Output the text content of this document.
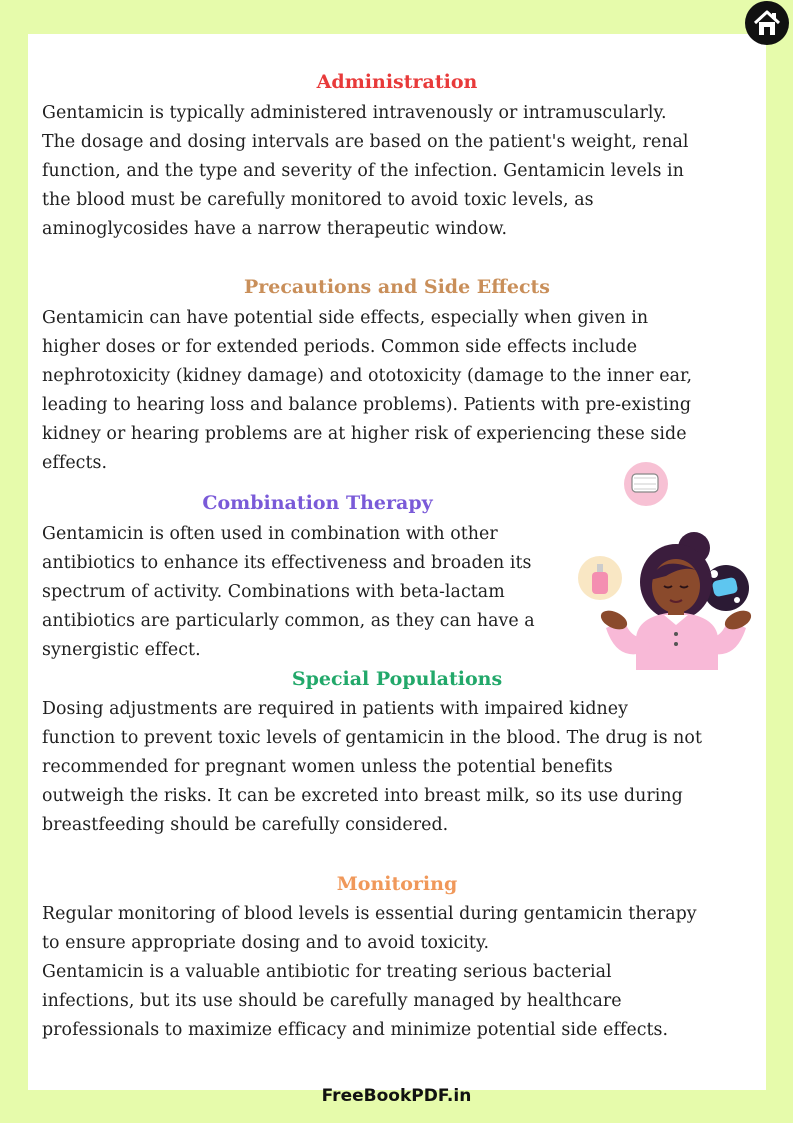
Administration

Gentamicin is typically administered intravenously or intramuscularly.
The dosage and dosing intervals are based on the patient's weight, renal
function, and the type and severity of the infection. Gentamicin levels in
the blood must be carefully monitored to avoid toxic levels, as
aminoglycosides have a narrow therapeutic window.

Precautions and Side Effects

Gentamicin can have potential side effects, especially when given in
higher doses or for extended periods. Common side effects include
nephrotoxicity (kidney damage) and ototoxicity (damage to the inner ear,
leading to hearing loss and balance problems). Patients with pre-existing
kidney or hearing problems are at higher risk of experiencing these side
effects.

Combination Therapy

Gentamicin is often used in combination with other
antibiotics to enhance its effectiveness and broaden its
spectrum of activity. Combinations with beta-lactam
antibiotics are particularly common, as they can have a
synergistic effect.

Special Populations

Dosing adjustments are required in patients with impaired kidney
function to prevent toxic levels of gentamicin in the blood. The drug is not
recommended for pregnant women unless the potential benefits
outweigh the risks. It can be excreted into breast milk, so its use during
breastfeeding should be carefully considered.

Monitoring

Regular monitoring of blood levels is essential during gentamicin therapy
to ensure appropriate dosing and to avoid toxicity.
Gentamicin is a valuable antibiotic for treating serious bacterial
infections, but its use should be carefully managed by healthcare
professionals to maximize efficacy and minimize potential side effects.

FreeBookPDF.in
